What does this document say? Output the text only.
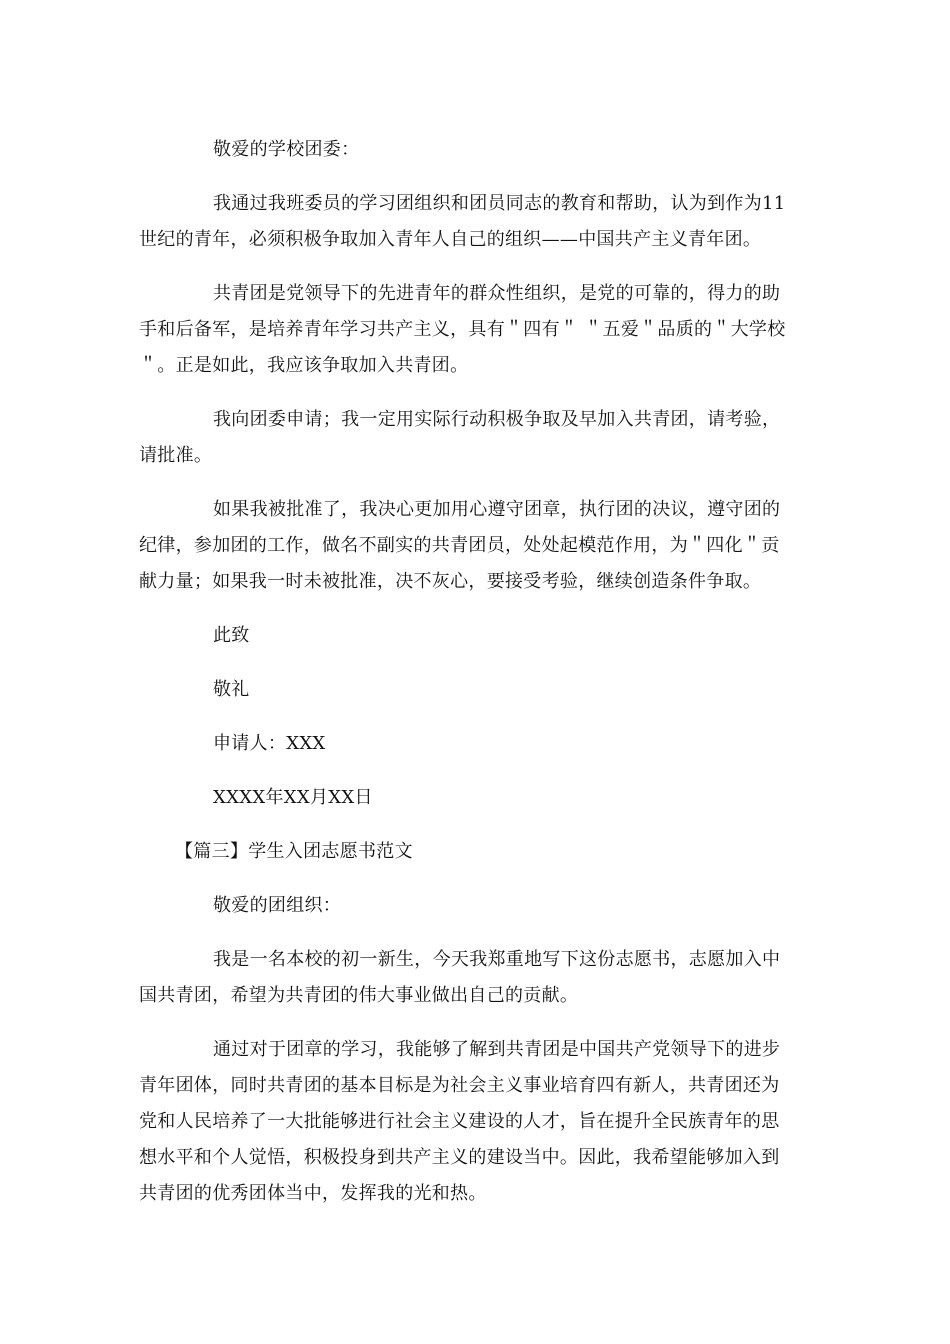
敬爱的学校团委：
我通过我班委员的学习团组织和团员同志的教育和帮助，认为到作为11
世纪的青年，必须积极争取加入青年人自己的组织——中国共产主义青年团。
共青团是党领导下的先进青年的群众性组织，是党的可靠的，得力的助
手和后备军，是培养青年学习共产主义，具有＂四有＂ ＂五爱＂品质的＂大学校
＂。正是如此，我应该争取加入共青团。
我向团委申请；我一定用实际行动积极争取及早加入共青团，请考验，
请批准。
如果我被批准了，我决心更加用心遵守团章，执行团的决议，遵守团的
纪律，参加团的工作，做名不副实的共青团员，处处起模范作用，为＂四化＂贡
献力量；如果我一时未被批准，决不灰心，要接受考验，继续创造条件争取。
此致
敬礼
申请人：XXX
XXXX年XX月XX日
【篇三】学生入团志愿书范文
敬爱的团组织：
我是一名本校的初一新生，今天我郑重地写下这份志愿书，志愿加入中
国共青团，希望为共青团的伟大事业做出自己的贡献。
通过对于团章的学习，我能够了解到共青团是中国共产党领导下的进步
青年团体，同时共青团的基本目标是为社会主义事业培育四有新人，共青团还为
党和人民培养了一大批能够进行社会主义建设的人才，旨在提升全民族青年的思
想水平和个人觉悟，积极投身到共产主义的建设当中。因此，我希望能够加入到
共青团的优秀团体当中，发挥我的光和热。
